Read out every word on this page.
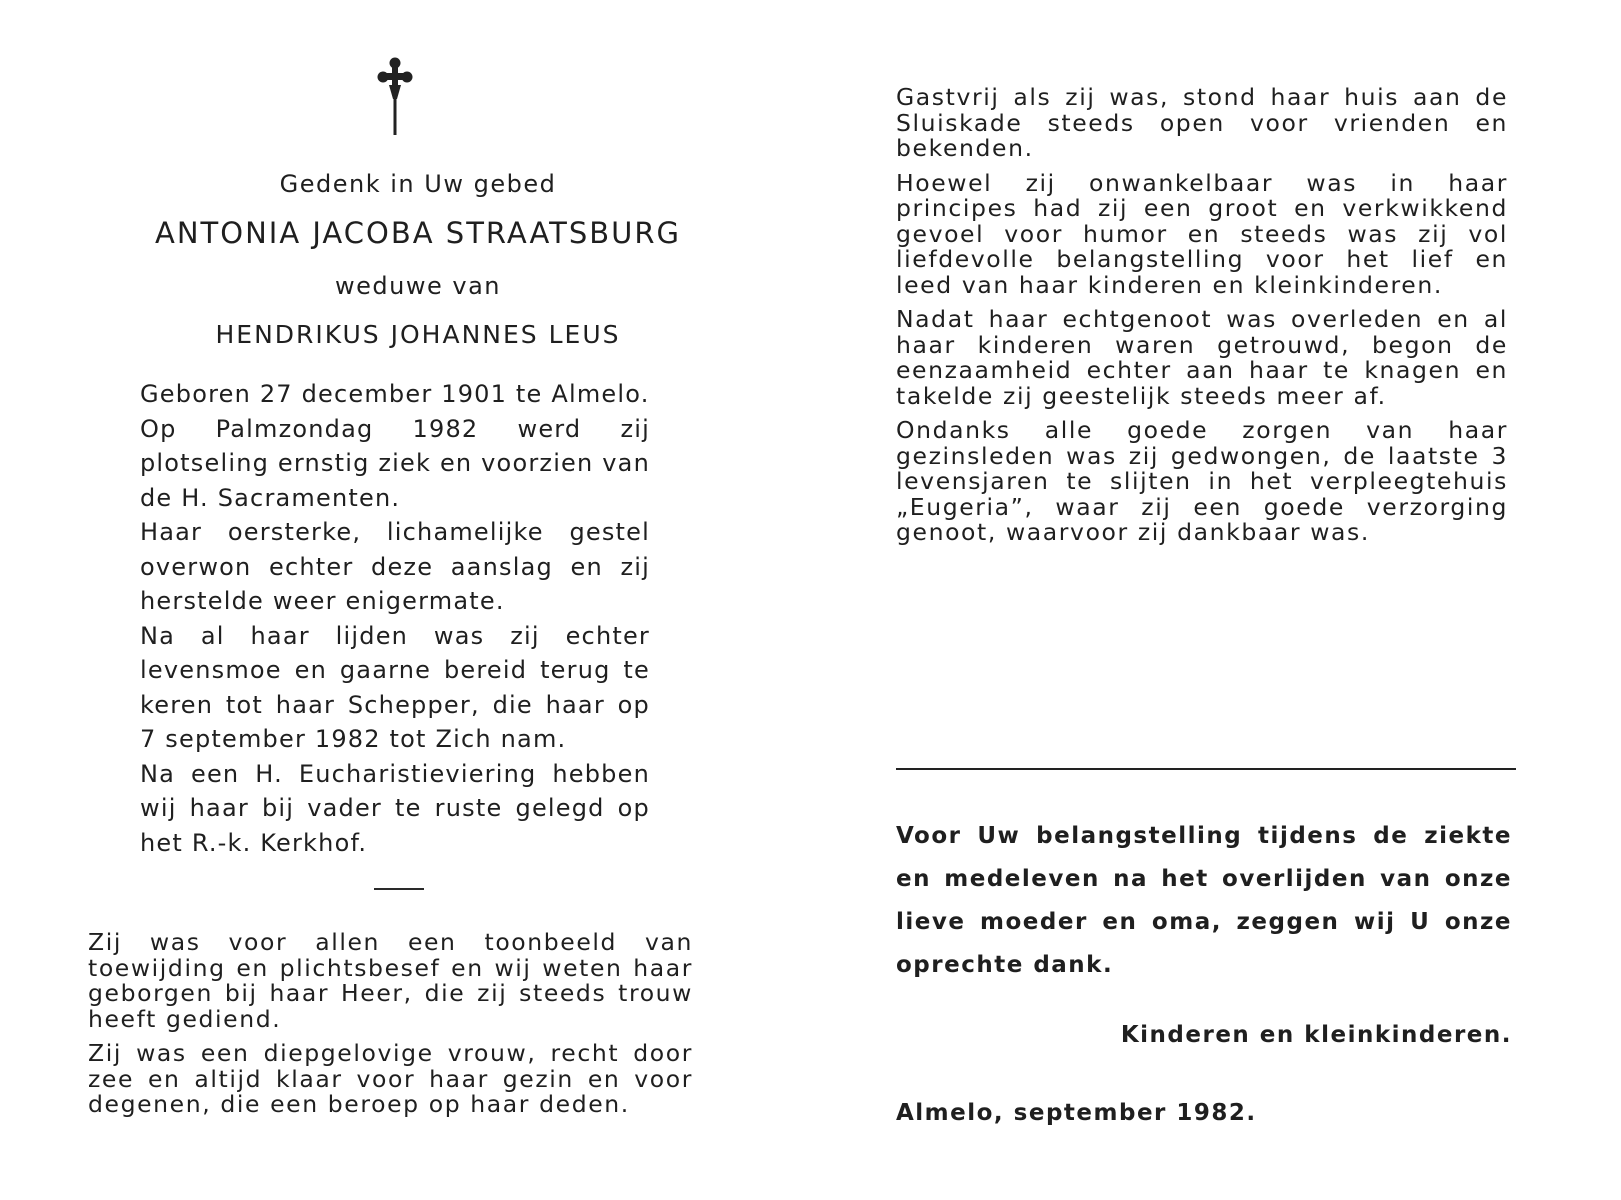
Gedenk in Uw gebed
ANTONIA JACOBA STRAATSBURG
weduwe van
HENDRIKUS JOHANNES LEUS

Geboren 27 december 1901 te Almelo.

Op Palmzondag 1982 werd zij plotseling ernstig ziek en voorzien van de H. Sacramenten.

Haar oersterke, lichamelijke gestel overwon echter deze aanslag en zij herstelde weer enigermate.

Na al haar lijden was zij echter levensmoe en gaarne bereid terug te keren tot haar Schepper, die haar op 7 september 1982 tot Zich nam.

Na een H. Eucharistieviering hebben wij haar bij vader te ruste gelegd op het R.-k. Kerkhof.

Zij was voor allen een toonbeeld van toewijding en plichtsbesef en wij weten haar geborgen bij haar Heer, die zij steeds trouw heeft gediend.

Zij was een diepgelovige vrouw, recht door zee en altijd klaar voor haar gezin en voor degenen, die een beroep op haar deden.

Gastvrij als zij was, stond haar huis aan de Sluiskade steeds open voor vrienden en bekenden.

Hoewel zij onwankelbaar was in haar principes had zij een groot en verkwikkend gevoel voor humor en steeds was zij vol liefdevolle belangstelling voor het lief en leed van haar kinderen en kleinkinderen.

Nadat haar echtgenoot was overleden en al haar kinderen waren getrouwd, begon de eenzaamheid echter aan haar te knagen en takelde zij geestelijk steeds meer af.

Ondanks alle goede zorgen van haar gezinsleden was zij gedwongen, de laatste 3 levensjaren te slijten in het verpleegtehuis „Eugeria”, waar zij een goede verzorging genoot, waarvoor zij dankbaar was.

Voor Uw belangstelling tijdens de ziekte en medeleven na het overlijden van onze lieve moeder en oma, zeggen wij U onze oprechte dank.
Kinderen en kleinkinderen.
Almelo, september 1982.
